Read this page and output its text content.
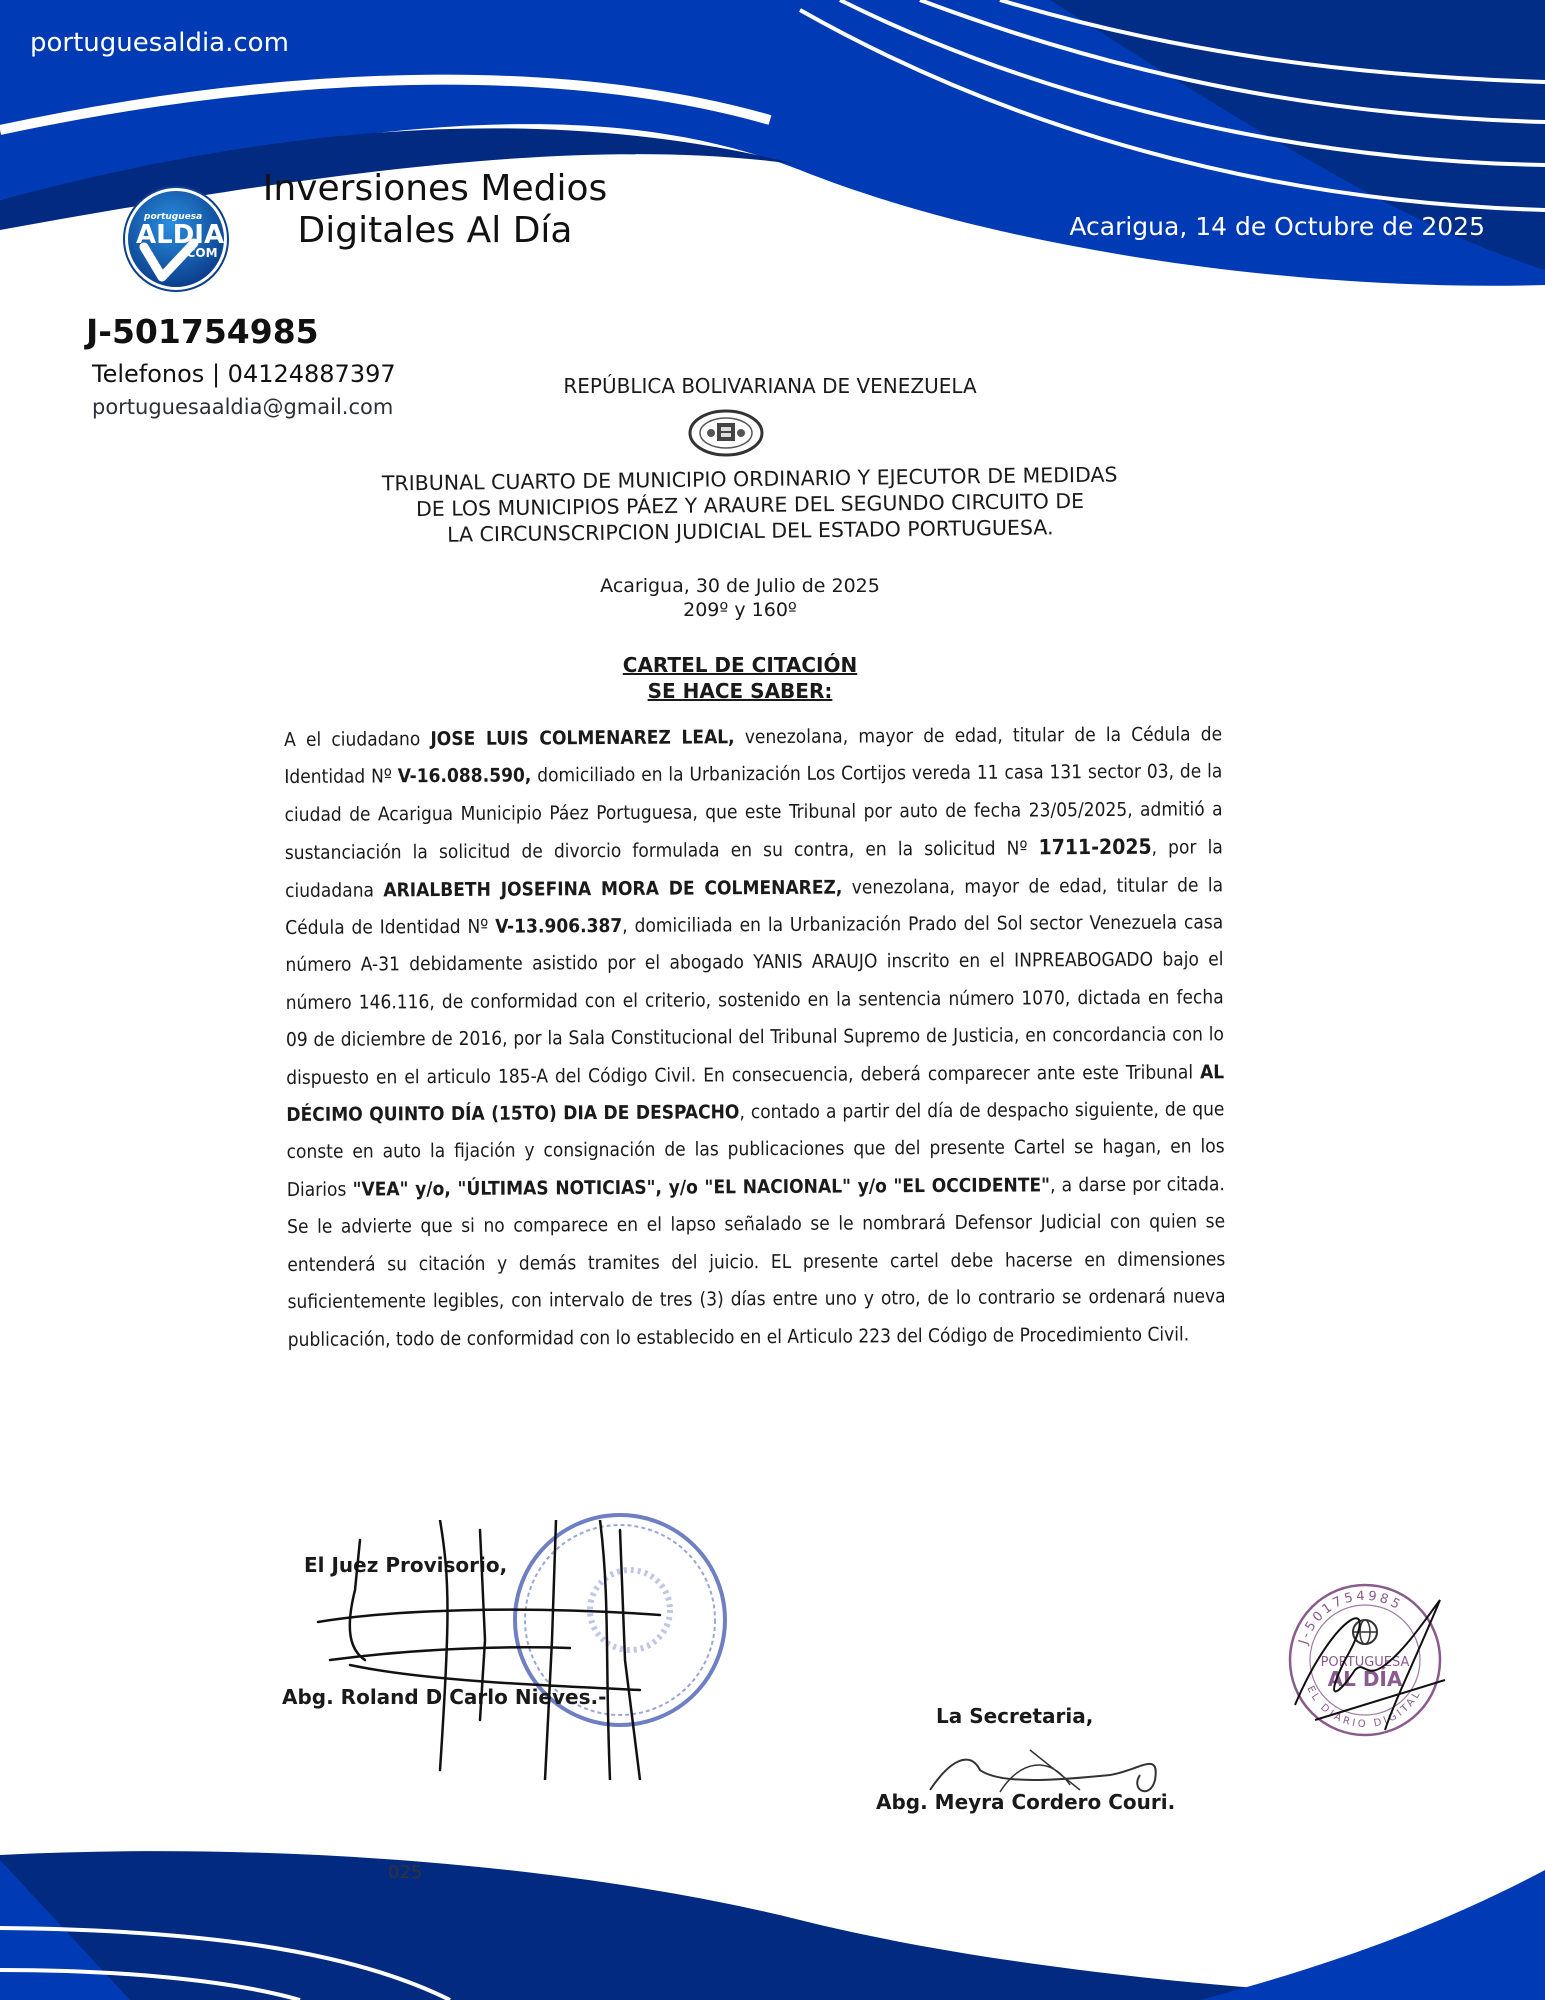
portuguesaldia.com
portuguesa
ALDIA
.COM
Inversiones Medios
Digitales Al Día	Acarigua, 14 de Octubre de 2025
J-501754985
Telefonos | 04124887397
portuguesaaldia@gmail.com
REPÚBLICA BOLIVARIANA DE VENEZUELA
TRIBUNAL CUARTO DE MUNICIPIO ORDINARIO Y EJECUTOR DE MEDIDAS
DE LOS MUNICIPIOS PÁEZ Y ARAURE DEL SEGUNDO CIRCUITO DE
LA CIRCUNSCRIPCION JUDICIAL DEL ESTADO PORTUGUESA.
Acarigua, 30 de Julio de 2025
209º y 160º
CARTEL DE CITACIÓN
SE HACE SABER:
A el ciudadano JOSE LUIS COLMENAREZ LEAL, venezolana, mayor de edad, titular de la Cédula de Identidad Nº V-16.088.590, domiciliado en la Urbanización Los Cortijos vereda 11 casa 131 sector 03, de la ciudad de Acarigua Municipio Páez Portuguesa, que este Tribunal por auto de fecha 23/05/2025, admitió a sustanciación la solicitud de divorcio formulada en su contra, en la solicitud Nº 1711-2025, por la ciudadana ARIALBETH JOSEFINA MORA DE COLMENAREZ, venezolana, mayor de edad, titular de la Cédula de Identidad Nº V-13.906.387, domiciliada en la Urbanización Prado del Sol sector Venezuela casa número A-31 debidamente asistido por el abogado YANIS ARAUJO inscrito en el INPREABOGADO bajo el número 146.116, de conformidad con el criterio, sostenido en la sentencia número 1070, dictada en fecha 09 de diciembre de 2016, por la Sala Constitucional del Tribunal Supremo de Justicia, en concordancia con lo dispuesto en el articulo 185-A del Código Civil. En consecuencia, deberá comparecer ante este Tribunal AL DÉCIMO QUINTO DÍA (15TO) DIA DE DESPACHO, contado a partir del día de despacho siguiente, de que conste en auto la fijación y consignación de las publicaciones que del presente Cartel se hagan, en los Diarios "VEA" y/o, "ÚLTIMAS NOTICIAS", y/o "EL NACIONAL" y/o "EL OCCIDENTE", a darse por citada. Se le advierte que si no comparece en el lapso señalado se le nombrará Defensor Judicial con quien se entenderá su citación y demás tramites del juicio. EL presente cartel debe hacerse en dimensiones suficientemente legibles, con intervalo de tres (3) días entre uno y otro, de lo contrario se ordenará nueva publicación, todo de conformidad con lo establecido en el Articulo 223 del Código de Procedimiento Civil.
El Juez Provisorio,
Abg. Roland D Carlo Nieves.-
La Secretaria,
Abg. Meyra Cordero Couri.
025
J-501754985
EL DIARIO DIGITAL
PORTUGUESA
AL DÍA
